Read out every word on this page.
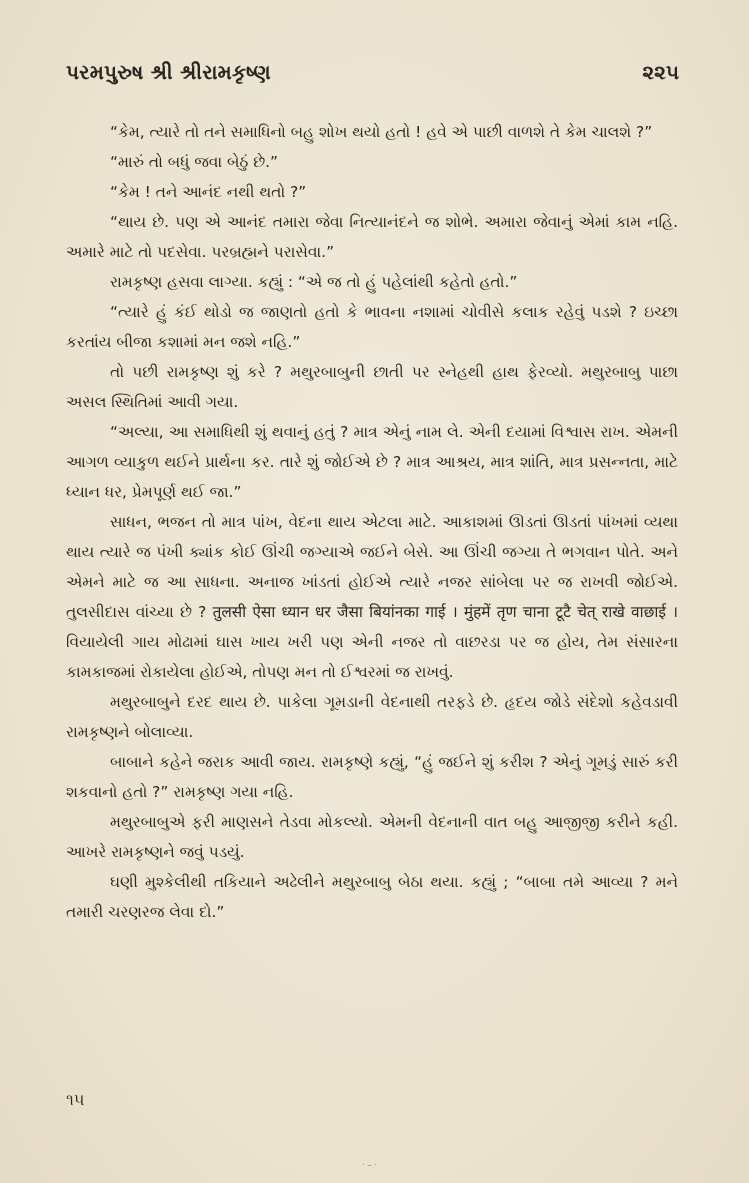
પરમપુરુષ શ્રી શ્રીરામકૃષ્ણ	૨૨૫

“કેમ, ત્યારે તો તને સમાધિનો બહુ શોખ થયો હતો ! હવે એ પાછી વાળશે તે કેમ ચાલશે ?”

“મારું તો બધું જવા બેઠું છે.”

“કેમ ! તને આનંદ નથી થતો ?”

“થાય છે. પણ એ આનંદ તમારા જેવા નિત્યાનંદને જ શોભે. અમારા જેવાનું એમાં કામ નહિ. અમારે માટે તો પદસેવા. પરબ્રહ્મને પરાસેવા.”

રામકૃષ્ણ હસવા લાગ્યા. કહ્યું : “એ જ તો હું પહેલાંથી કહેતો હતો.”

“ત્યારે હું કંઈ થોડો જ જાણતો હતો કે ભાવના નશામાં ચોવીસે કલાક રહેવું પડશે ? ઇચ્છા કરતાંય બીજા કશામાં મન જશે નહિ.”

તો પછી રામકૃષ્ણ શું કરે ? મથુરબાબુની છાતી પર સ્નેહથી હાથ ફેરવ્યો. મથુરબાબુ પાછા અસલ સ્થિતિમાં આવી ગયા.

“અલ્યા, આ સમાધિથી શું થવાનું હતું ? માત્ર એનું નામ લે. એની દયામાં વિશ્વાસ રાખ. એમની આગળ વ્યાકુળ થઈને પ્રાર્થના કર. તારે શું જોઈએ છે ? માત્ર આશ્રય, માત્ર શાંતિ, માત્ર પ્રસન્નતા, માટે ધ્યાન ધર, પ્રેમપૂર્ણ થઈ જા.”

સાધન, ભજન તો માત્ર પાંખ, વેદના થાય એટલા માટે. આકાશમાં ઊડતાં ઊડતાં પાંખમાં વ્યથા થાય ત્યારે જ પંખી ક્યાંક કોઈ ઊંચી જગ્યાએ જઈને બેસે. આ ઊંચી જગ્યા તે ભગવાન પોતે. અને એમને માટે જ આ સાધના. અનાજ ખાંડતાં હોઈએ ત્યારે નજર સાંબેલા પર જ રાખવી જોઈએ. તુલસીદાસ વાંચ્યા છે ? तुलसी ऐसा ध्यान धर जैसा बियांनका गाई । मुंहमें तृण चाना टूटै चेत् राखे वाछाई । વિયાયેલી ગાય મોઢામાં ઘાસ ખાય ખરી પણ એની નજર તો વાછરડા પર જ હોય, તેમ સંસારના કામકાજમાં રોકાયેલા હોઈએ, તોપણ મન તો ઈશ્વરમાં જ રાખવું.

મથુરબાબુને દરદ થાય છે. પાકેલા ગૂમડાની વેદનાથી તરફડે છે. હૃદય જોડે સંદેશો કહેવડાવી રામકૃષ્ણને બોલાવ્યા.

બાબાને કહેને જરાક આવી જાય. રામકૃષ્ણે કહ્યું, “હું જઈને શું કરીશ ? એનું ગૂમડું સારું કરી શકવાનો હતો ?” રામકૃષ્ણ ગયા નહિ.

મથુરબાબુએ ફરી માણસને તેડવા મોકલ્યો. એમની વેદનાની વાત બહુ આજીજી કરીને કહી. આખરે રામકૃષ્ણને જવું પડયું.

ઘણી મુશ્કેલીથી તકિયાને અઢેલીને મથુરબાબુ બેઠા થયા. કહ્યું ; “બાબા તમે આવ્યા ? મને તમારી ચરણરજ લેવા દો.”

૧૫
·–·
